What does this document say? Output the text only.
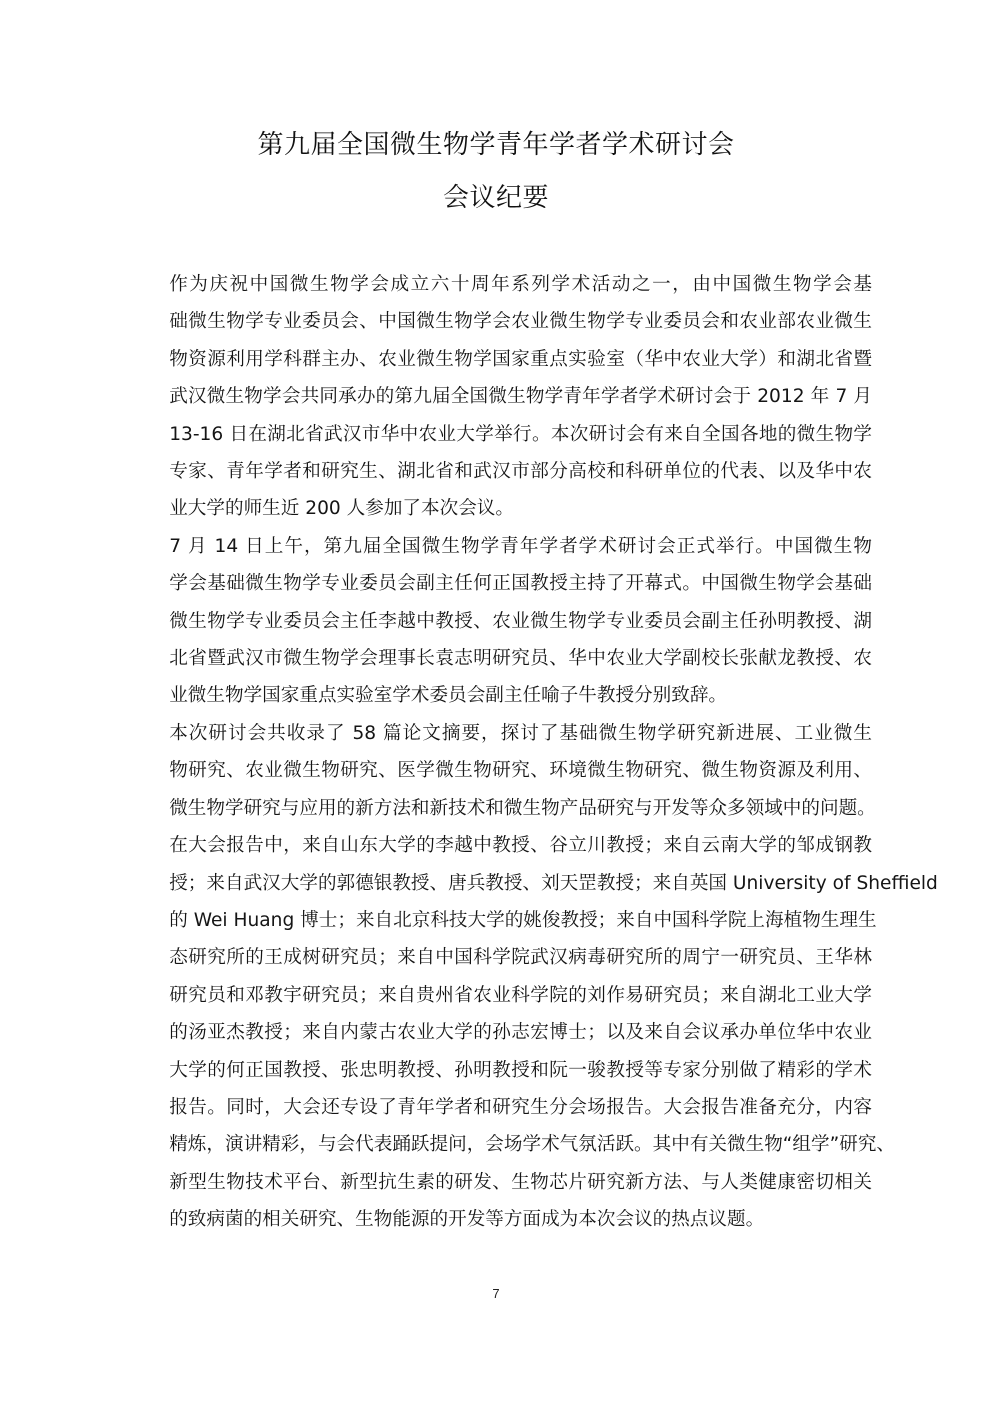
第九届全国微生物学青年学者学术研讨会
会议纪要

作为庆祝中国微生物学会成立六十周年系列学术活动之一，由中国微生物学会基
础微生物学专业委员会、中国微生物学会农业微生物学专业委员会和农业部农业微生
物资源利用学科群主办、农业微生物学国家重点实验室（华中农业大学）和湖北省暨
武汉微生物学会共同承办的第九届全国微生物学青年学者学术研讨会于 2012 年 7 月
13-16 日在湖北省武汉市华中农业大学举行。本次研讨会有来自全国各地的微生物学
专家、青年学者和研究生、湖北省和武汉市部分高校和科研单位的代表、以及华中农
业大学的师生近 200 人参加了本次会议。

7 月 14 日上午，第九届全国微生物学青年学者学术研讨会正式举行。中国微生物
学会基础微生物学专业委员会副主任何正国教授主持了开幕式。中国微生物学会基础
微生物学专业委员会主任李越中教授、农业微生物学专业委员会副主任孙明教授、湖
北省暨武汉市微生物学会理事长袁志明研究员、华中农业大学副校长张献龙教授、农
业微生物学国家重点实验室学术委员会副主任喻子牛教授分别致辞。

本次研讨会共收录了 58 篇论文摘要，探讨了基础微生物学研究新进展、工业微生
物研究、农业微生物研究、医学微生物研究、环境微生物研究、微生物资源及利用、
微生物学研究与应用的新方法和新技术和微生物产品研究与开发等众多领域中的问题。
在大会报告中，来自山东大学的李越中教授、谷立川教授；来自云南大学的邹成钢教
授；来自武汉大学的郭德银教授、唐兵教授、刘天罡教授；来自英国 University of Sheffield
的 Wei Huang 博士；来自北京科技大学的姚俊教授；来自中国科学院上海植物生理生
态研究所的王成树研究员；来自中国科学院武汉病毒研究所的周宁一研究员、王华林
研究员和邓教宇研究员；来自贵州省农业科学院的刘作易研究员；来自湖北工业大学
的汤亚杰教授；来自内蒙古农业大学的孙志宏博士；以及来自会议承办单位华中农业
大学的何正国教授、张忠明教授、孙明教授和阮一骏教授等专家分别做了精彩的学术
报告。同时，大会还专设了青年学者和研究生分会场报告。大会报告准备充分，内容
精炼，演讲精彩，与会代表踊跃提问，会场学术气氛活跃。其中有关微生物“组学”研究、
新型生物技术平台、新型抗生素的研发、生物芯片研究新方法、与人类健康密切相关
的致病菌的相关研究、生物能源的开发等方面成为本次会议的热点议题。

7
